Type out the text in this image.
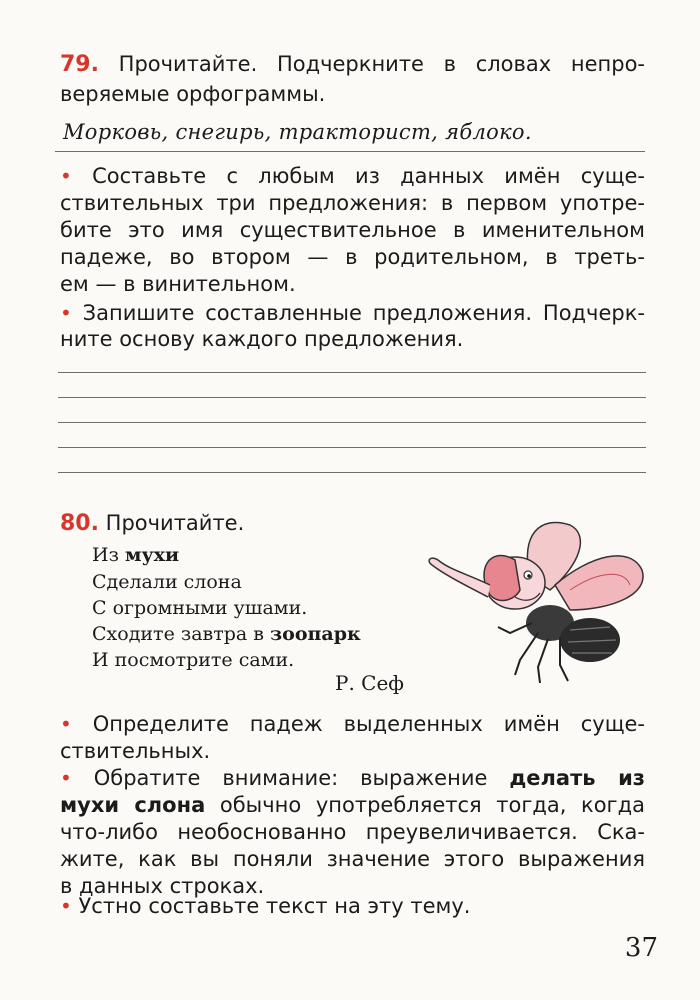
79. Прочитайте. Подчеркните в словах непро-
веряемые орфограммы.
Морковь, снегирь, тракторист, яблоко.
• Составьте с любым из данных имён суще-
ствительных три предложения: в первом употре-
бите это имя существительное в именительном
падеже, во втором — в родительном, в треть-
ем — в винительном.
• Запишите составленные предложения. Подчерк-
ните основу каждого предложения.
80. Прочитайте.
Из мухи
Сделали слона
С огромными ушами.
Сходите завтра в зоопарк
И посмотрите сами.
Р. Сеф
• Определите падеж выделенных имён суще-
ствительных.
• Обратите внимание: выражение делать из
мухи слона обычно употребляется тогда, когда
что-либо необоснованно преувеличивается. Ска-
жите, как вы поняли значение этого выражения
в данных строках.
• Устно составьте текст на эту тему.
37
